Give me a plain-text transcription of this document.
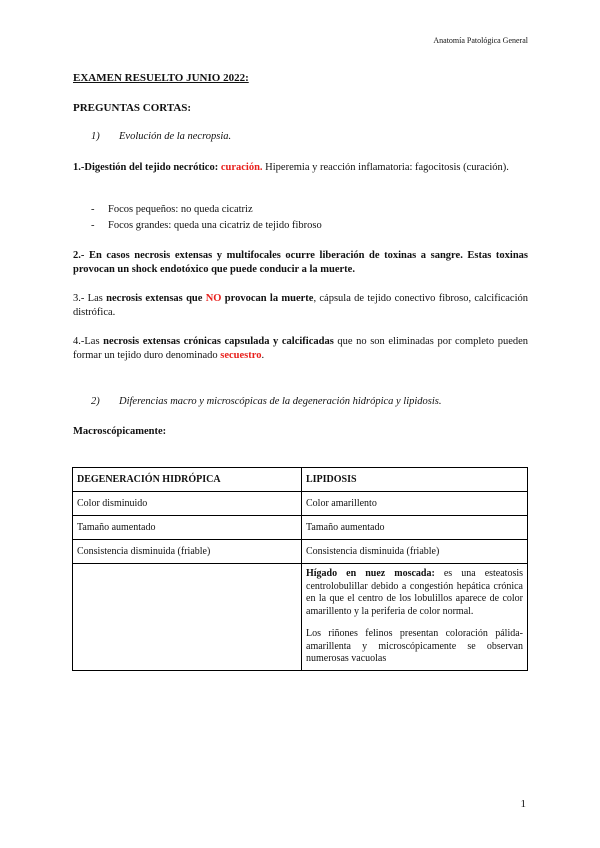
Anatomía Patológica General
EXAMEN RESUELTO JUNIO 2022:
PREGUNTAS CORTAS:
1) Evolución de la necropsia.
1.-Digestión del tejido necrótico: curación. Hiperemia y reacción inflamatoria: fagocitosis (curación).
- Focos pequeños: no queda cicatriz
- Focos grandes: queda una cicatriz de tejido fibroso
2.- En casos necrosis extensas y multifocales ocurre liberación de toxinas a sangre. Estas toxinas provocan un shock endotóxico que puede conducir a la muerte.
3.- Las necrosis extensas que NO provocan la muerte, cápsula de tejido conectivo fibroso, calcificación distrófica.
4.-Las necrosis extensas crónicas capsulada y calcificadas que no son eliminadas por completo pueden formar un tejido duro denominado secuestro.
2) Diferencias macro y microscópicas de la degeneración hidrópica y lipidosis.
Macroscópicamente:
DEGENERACIÓN HIDRÓPICA	LIPIDOSIS
Color disminuido	Color amarillento
Tamaño aumentado	Tamaño aumentado
Consistencia disminuida (friable)	Consistencia disminuida (friable)

	Hígado en nuez moscada: es una esteatosis centrolobulillar debido a congestión hepática crónica en la que el centro de los lobulillos aparece de color amarillento y la periferia de color normal.
Los riñones felinos presentan coloración pálida-amarillenta y microscópicamente se observan numerosas vacuolas
1
